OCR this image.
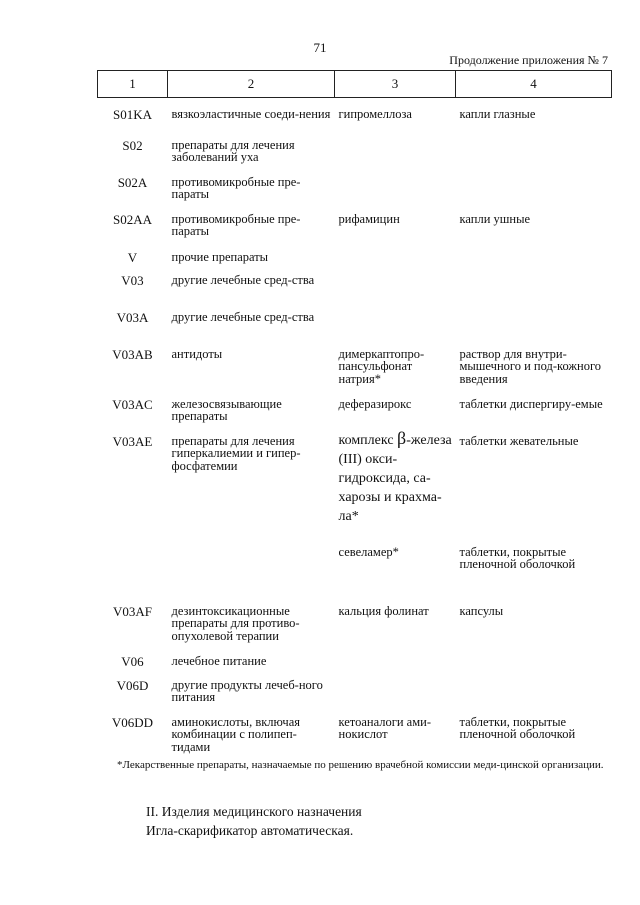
71
Продолжение приложения № 7
1	2	3	4
S01KA	вязкоэластичные соеди-нения	гипромеллоза	капли глазные
S02	препараты для лечения заболеваний уха		
S02A	противомикробные пре-параты		
S02AA	противомикробные пре-параты	рифамицин	капли ушные
V	прочие препараты		
V03	другие лечебные сред-ства		
V03A	другие лечебные сред-ства		
V03AB	антидоты	димеркаптопро-пансульфонат натрия*	раствор для внутри-мышечного и под-кожного введения
V03AC	железосвязывающие препараты	деферазирокс	таблетки диспергиру-емые
V03AE	препараты для лечения гиперкалиемии и гипер-фосфатемии	комплекс β-железа (III) окси-гидроксида, са-харозы и крахма-ла*	таблетки жевательные
		севеламер*	таблетки, покрытые пленочной оболочкой
V03AF	дезинтоксикационные препараты для противо-опухолевой терапии	кальция фолинат	капсулы
V06	лечебное питание		
V06D	другие продукты лечеб-ного питания		
V06DD	аминокислоты, включая комбинации с полипеп-тидами	кетоаналоги ами-нокислот	таблетки, покрытые пленочной оболочкой
*Лекарственные препараты, назначаемые по решению врачебной комиссии меди-цинской организации.
II. Изделия медицинского назначения
Игла-скарификатор автоматическая.
